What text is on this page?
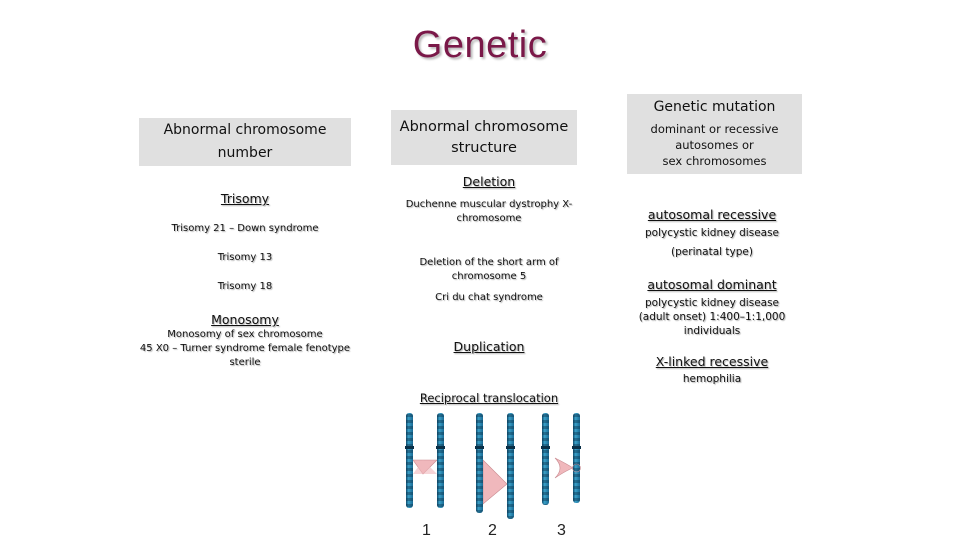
Genetic
Abnormal chromosome number
Trisomy
Trisomy 21 – Down syndrome
Trisomy 13
Trisomy 18
Monosomy
Monosomy of sex chromosome
45 X0 – Turner syndrome female fenotype
sterile
Abnormal chromosome structure
Deletion
Duchenne muscular dystrophy X-chromosome
Deletion of the short arm of chromosome 5
Cri du chat syndrome
Duplication
Reciprocal translocation
1	2	3
Genetic mutation
dominant or recessive
autosomes or
sex chromosomes
autosomal recessive
polycystic kidney disease
(perinatal type)
autosomal dominant
polycystic kidney disease
(adult onset) 1:400–1:1,000
individuals
X-linked recessive
hemophilia
